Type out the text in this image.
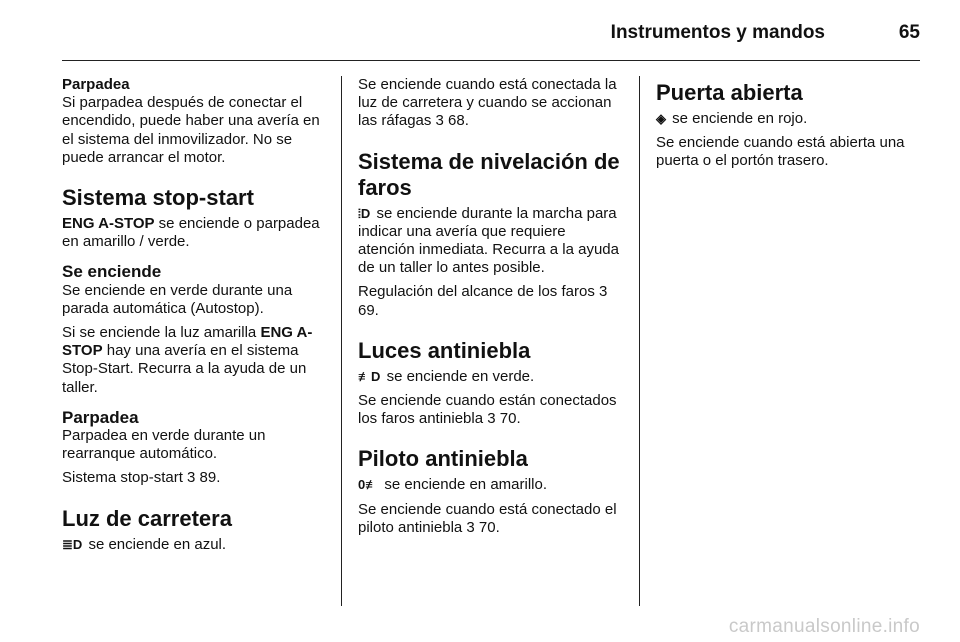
Instrumentos y mandos	65
Parpadea

Si parpadea después de conectar el encendido, puede haber una avería en el sistema del inmovilizador. No se puede arrancar el motor.

Sistema stop-start

ENG A-STOP se enciende o parpadea en amarillo / verde.

Se enciende

Se enciende en verde durante una parada automática (Autostop).

Si se enciende la luz amarilla ENG A-STOP hay una avería en el sistema Stop-Start. Recurra a la ayuda de un taller.

Parpadea

Parpadea en verde durante un rearranque automático.

Sistema stop-start 3 89.

Luz de carretera

≣D se enciende en azul.

Se enciende cuando está conectada la luz de carretera y cuando se accionan las ráfagas 3 68.

Sistema de nivelación de faros

⦙D se enciende durante la marcha para indicar una avería que requiere atención inmediata. Recurra a la ayuda de un taller lo antes posible.

Regulación del alcance de los faros 3 69.

Luces antiniebla

≢D se enciende en verde.

Se enciende cuando están conectados los faros antiniebla 3 70.

Piloto antiniebla

0≢ se enciende en amarillo.

Se enciende cuando está conectado el piloto antiniebla 3 70.

Puerta abierta

◈ se enciende en rojo.

Se enciende cuando está abierta una puerta o el portón trasero.

carmanualsonline.info
